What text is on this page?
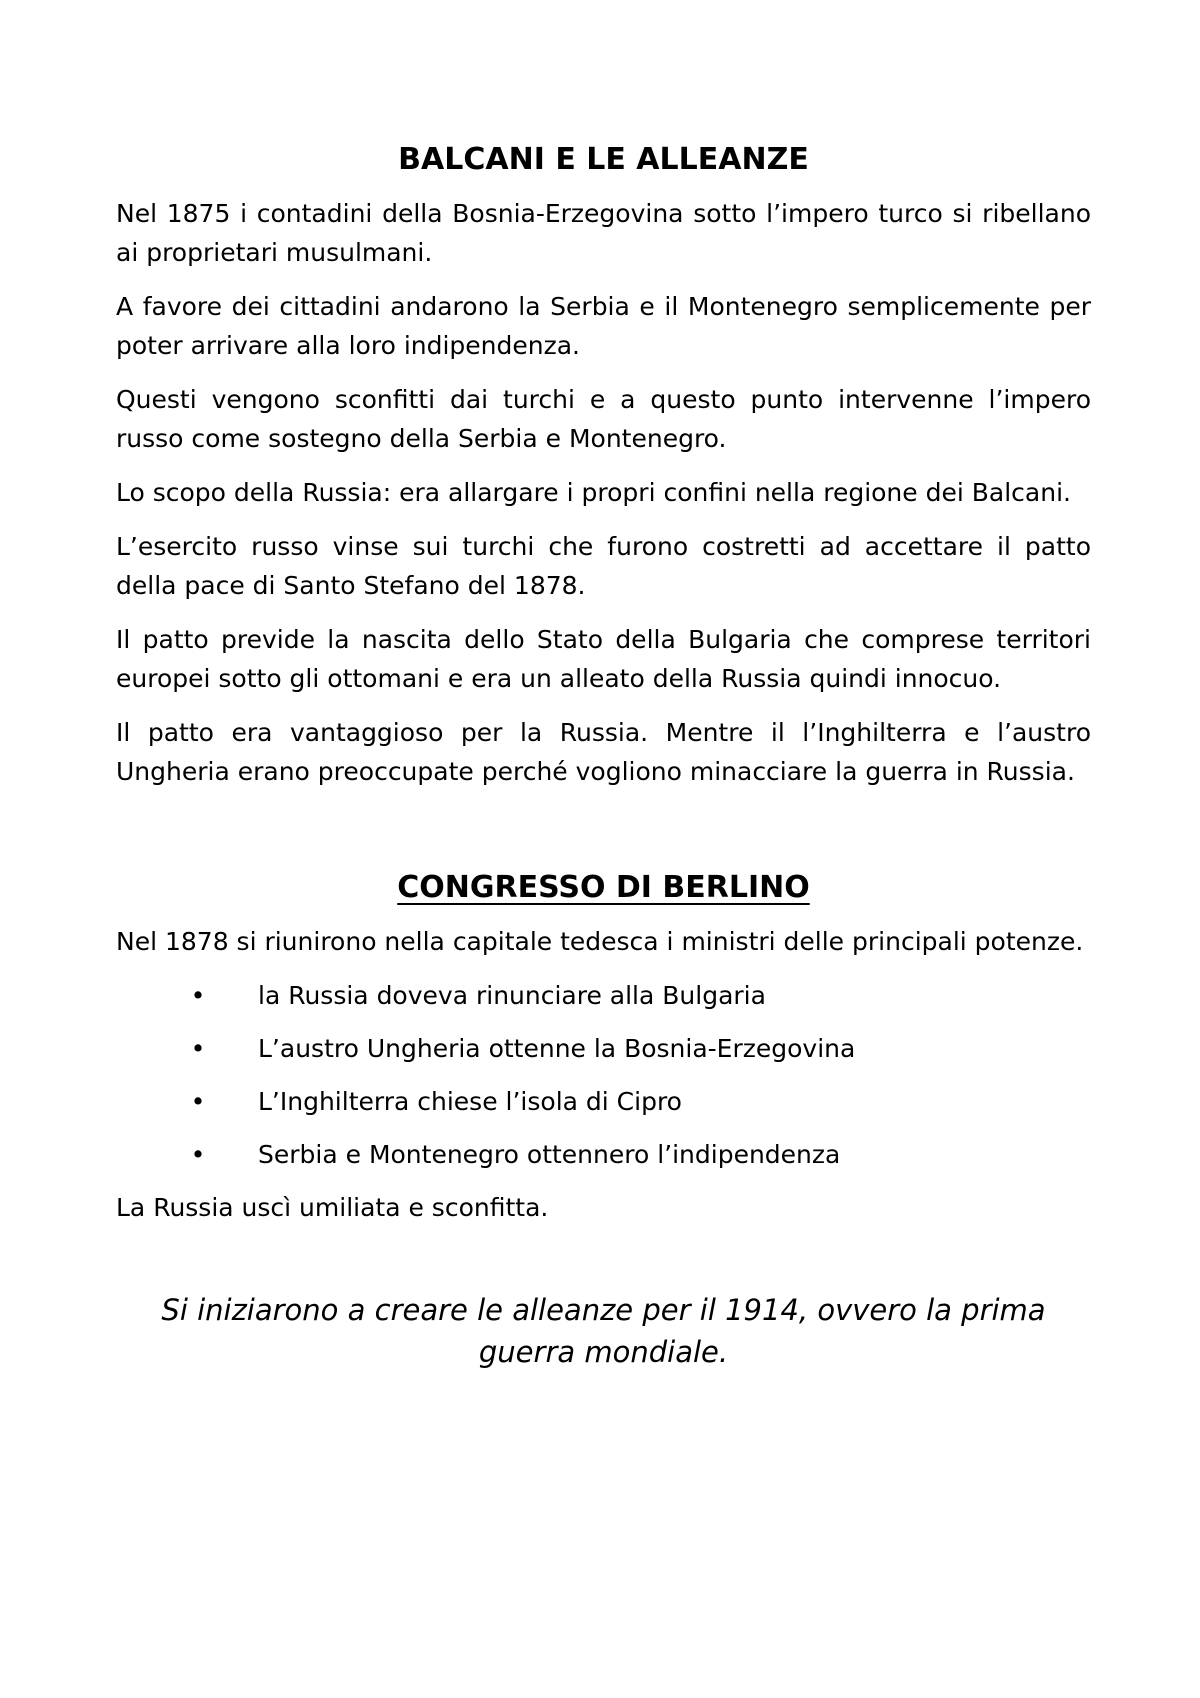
BALCANI E LE ALLEANZE

Nel 1875 i contadini della Bosnia-Erzegovina sotto l’impero turco si ribellano ai proprietari musulmani.

A favore dei cittadini andarono la Serbia e il Montenegro semplicemente per poter arrivare alla loro indipendenza.

Questi vengono sconfitti dai turchi e a questo punto intervenne l’impero russo come sostegno della Serbia e Montenegro.

Lo scopo della Russia: era allargare i propri confini nella regione dei Balcani.

L’esercito russo vinse sui turchi che furono costretti ad accettare il patto della pace di Santo Stefano del 1878.

Il patto previde la nascita dello Stato della Bulgaria che comprese territori europei sotto gli ottomani e era un alleato della Russia quindi innocuo.

Il patto era vantaggioso per la Russia. Mentre il l’Inghilterra e l’austro Ungheria erano preoccupate perché vogliono minacciare la guerra in Russia.

CONGRESSO DI BERLINO

Nel 1878 si riunirono nella capitale tedesca i ministri delle principali potenze.

• la Russia doveva rinunciare alla Bulgaria
• L’austro Ungheria ottenne la Bosnia-Erzegovina
• L’Inghilterra chiese l’isola di Cipro
• Serbia e Montenegro ottennero l’indipendenza

La Russia uscì umiliata e sconfitta.

Si iniziarono a creare le alleanze per il 1914, ovvero la prima guerra mondiale.
